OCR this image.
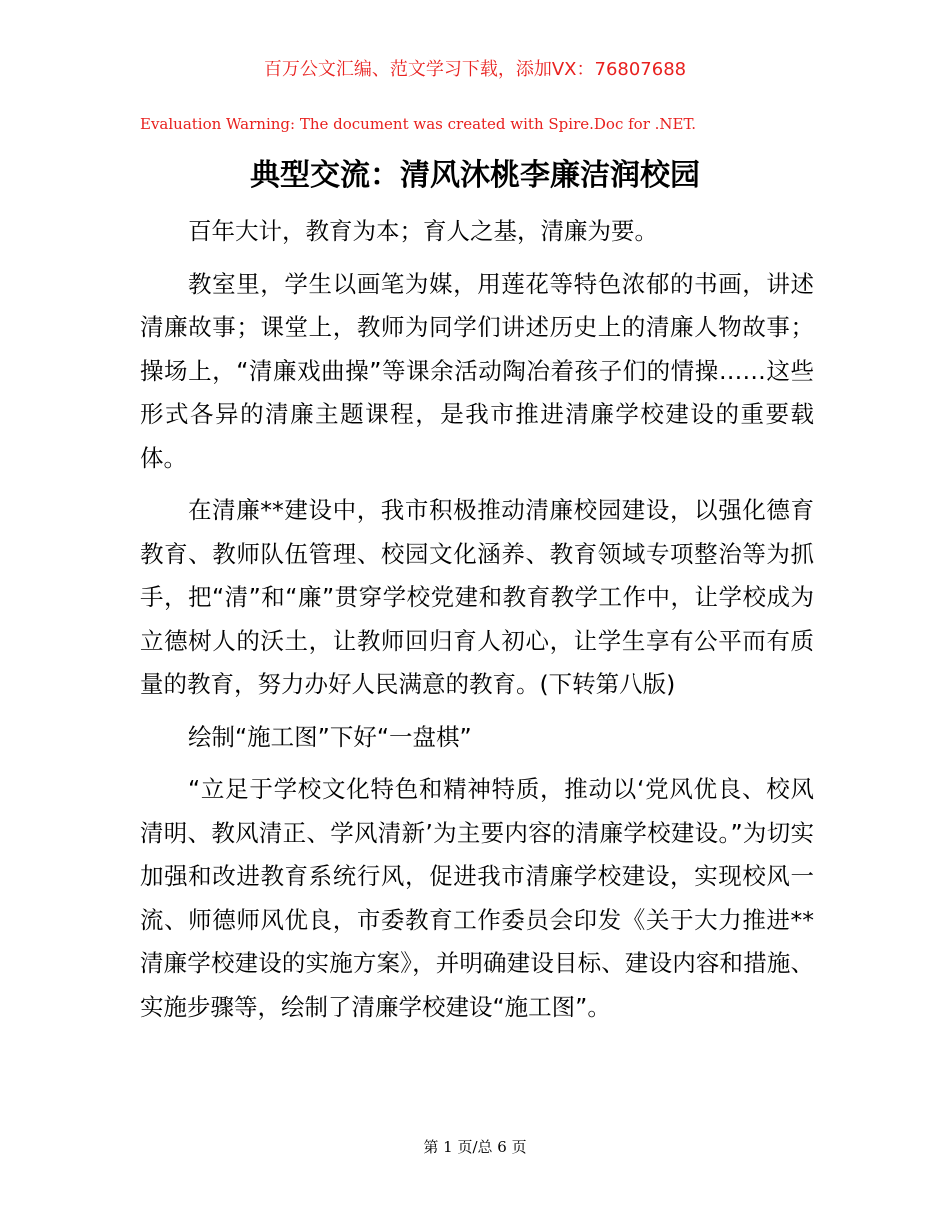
百万公文汇编、范文学习下载，添加VX：76807688
Evaluation Warning: The document was created with Spire.Doc for .NET.
典型交流：清风沐桃李廉洁润校园

百年大计，教育为本；育人之基，清廉为要。

教室里，学生以画笔为媒，用莲花等特色浓郁的书画，讲述清廉故事；课堂上，教师为同学们讲述历史上的清廉人物故事；操场上，“清廉戏曲操”等课余活动陶冶着孩子们的情操……这些形式各异的清廉主题课程，是我市推进清廉学校建设的重要载体。

在清廉**建设中，我市积极推动清廉校园建设，以强化德育教育、教师队伍管理、校园文化涵养、教育领域专项整治等为抓手，把“清”和“廉”贯穿学校党建和教育教学工作中，让学校成为立德树人的沃土，让教师回归育人初心，让学生享有公平而有质量的教育，努力办好人民满意的教育。(下转第八版)

绘制“施工图”下好“一盘棋”

“立足于学校文化特色和精神特质，推动以‘党风优良、校风清明、教风清正、学风清新’为主要内容的清廉学校建设。”为切实加强和改进教育系统行风，促进我市清廉学校建设，实现校风一流、师德师风优良，市委教育工作委员会印发《关于大力推进**清廉学校建设的实施方案》，并明确建设目标、建设内容和措施、实施步骤等，绘制了清廉学校建设“施工图”。

第 1 页/总 6 页
